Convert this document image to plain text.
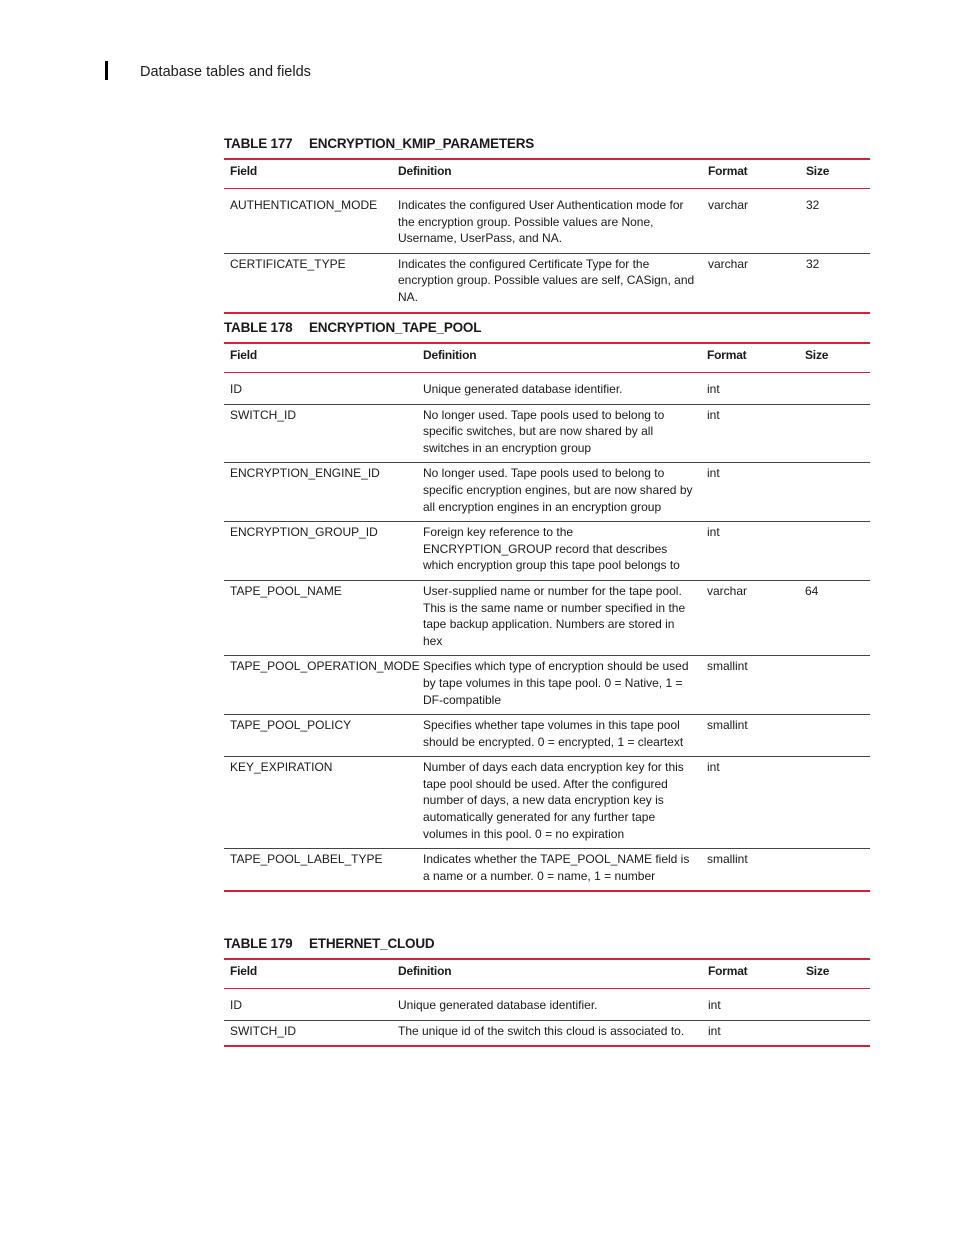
Database tables and fields
TABLE 177 ENCRYPTION_KMIP_PARAMETERS
Field	Definition	Format	Size
AUTHENTICATION_MODE	Indicates the configured User Authentication mode for the encryption group. Possible values are None, Username, UserPass, and NA.	varchar	32
CERTIFICATE_TYPE	Indicates the configured Certificate Type for the encryption group. Possible values are self, CASign, and NA.	varchar	32
TABLE 178 ENCRYPTION_TAPE_POOL
Field	Definition	Format	Size
ID	Unique generated database identifier.	int	
SWITCH_ID	No longer used. Tape pools used to belong to specific switches, but are now shared by all switches in an encryption group	int	
ENCRYPTION_ENGINE_ID	No longer used. Tape pools used to belong to specific encryption engines, but are now shared by all encryption engines in an encryption group	int	
ENCRYPTION_GROUP_ID	Foreign key reference to the ENCRYPTION_GROUP record that describes which encryption group this tape pool belongs to	int	
TAPE_POOL_NAME	User-supplied name or number for the tape pool. This is the same name or number specified in the tape backup application. Numbers are stored in hex	varchar	64
TAPE_POOL_OPERATION_MODE	Specifies which type of encryption should be used by tape volumes in this tape pool. 0 = Native, 1 = DF-compatible	smallint	
TAPE_POOL_POLICY	Specifies whether tape volumes in this tape pool should be encrypted. 0 = encrypted, 1 = cleartext	smallint	
KEY_EXPIRATION	Number of days each data encryption key for this tape pool should be used. After the configured number of days, a new data encryption key is automatically generated for any further tape volumes in this pool. 0 = no expiration	int	
TAPE_POOL_LABEL_TYPE	Indicates whether the TAPE_POOL_NAME field is a name or a number. 0 = name, 1 = number	smallint	
TABLE 179 ETHERNET_CLOUD
Field	Definition	Format	Size
ID	Unique generated database identifier.	int	
SWITCH_ID	The unique id of the switch this cloud is associated to.	int	
